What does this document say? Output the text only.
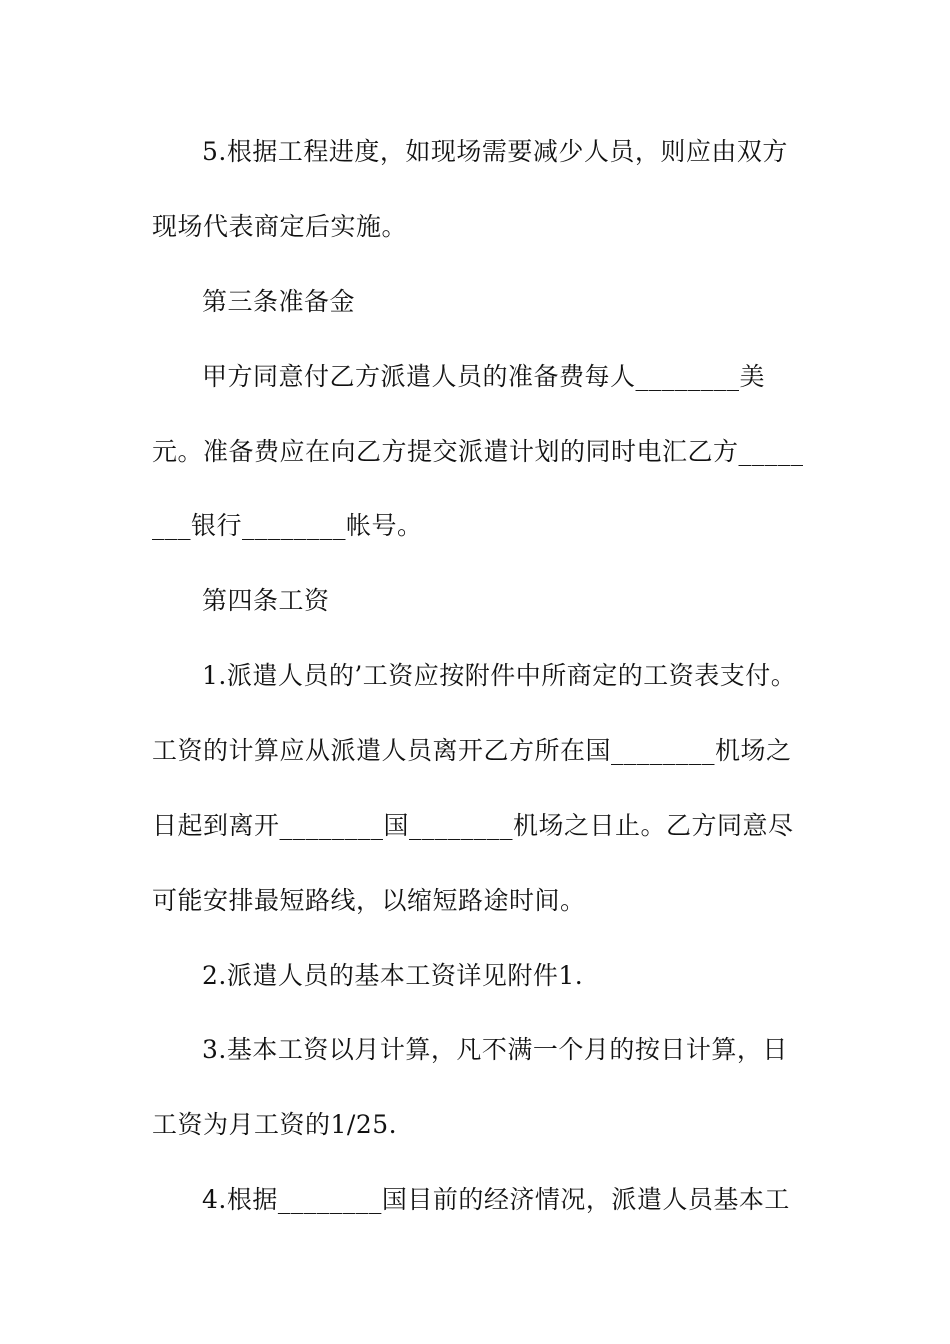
5.根据工程进度，如现场需要减少人员，则应由双方
现场代表商定后实施。
第三条准备金
甲方同意付乙方派遣人员的准备费每人________美
元。准备费应在向乙方提交派遣计划的同时电汇乙方_____
___银行________帐号。
第四条工资
1.派遣人员的’工资应按附件中所商定的工资表支付。
工资的计算应从派遣人员离开乙方所在国________机场之
日起到离开________国________机场之日止。乙方同意尽
可能安排最短路线，以缩短路途时间。
2.派遣人员的基本工资详见附件1.
3.基本工资以月计算，凡不满一个月的按日计算，日
工资为月工资的1/25.
4.根据________国目前的经济情况，派遣人员基本工
